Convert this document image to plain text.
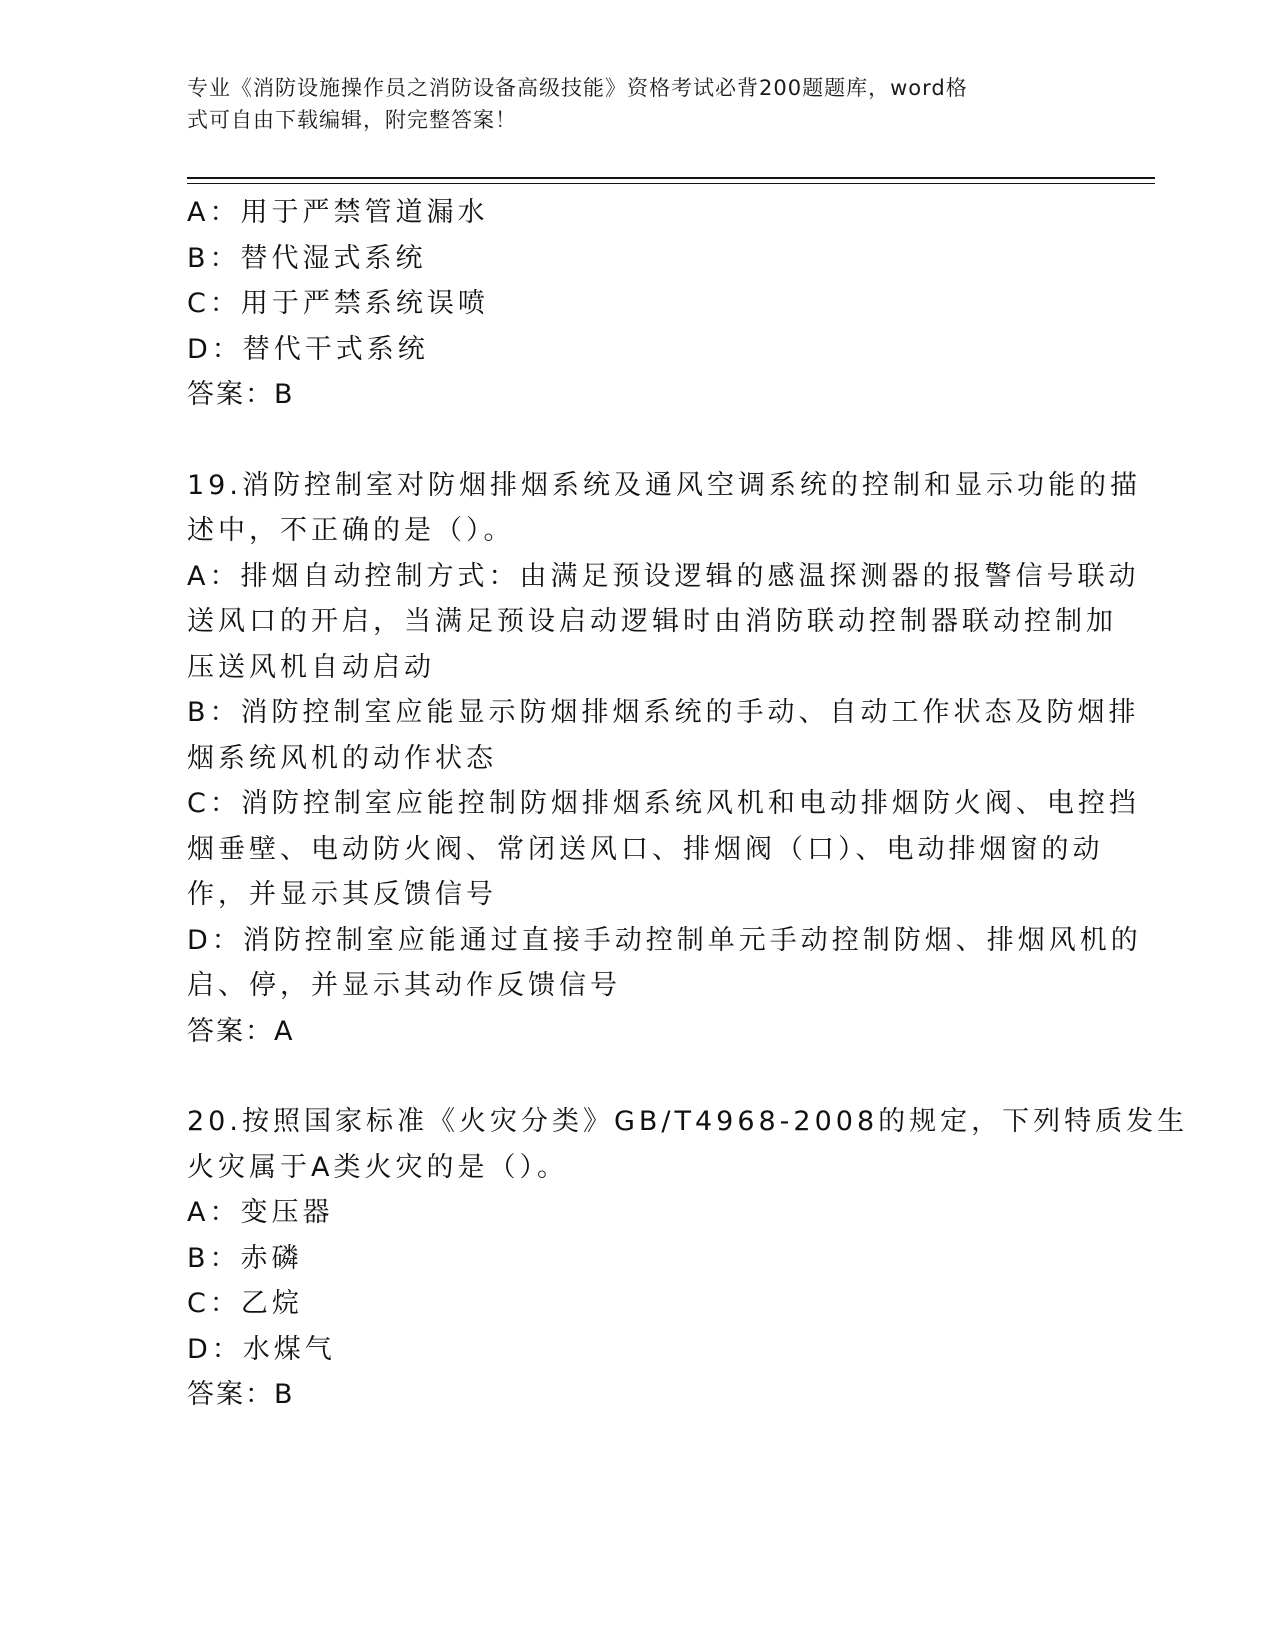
专业《消防设施操作员之消防设备高级技能》资格考试必背200题题库，word格
式可自由下载编辑，附完整答案！

A：用于严禁管道漏水

B：替代湿式系统

C：用于严禁系统误喷

D：替代干式系统

答案：B

19.消防控制室对防烟排烟系统及通风空调系统的控制和显示功能的描

述中，不正确的是（）。

A：排烟自动控制方式：由满足预设逻辑的感温探测器的报警信号联动

送风口的开启，当满足预设启动逻辑时由消防联动控制器联动控制加

压送风机自动启动

B：消防控制室应能显示防烟排烟系统的手动、自动工作状态及防烟排

烟系统风机的动作状态

C：消防控制室应能控制防烟排烟系统风机和电动排烟防火阀、电控挡

烟垂壁、电动防火阀、常闭送风口、排烟阀（口）、电动排烟窗的动

作，并显示其反馈信号

D：消防控制室应能通过直接手动控制单元手动控制防烟、排烟风机的

启、停，并显示其动作反馈信号

答案：A

20.按照国家标准《火灾分类》GB/T4968-2008的规定，下列特质发生

火灾属于A类火灾的是（）。

A：变压器

B：赤磷

C：乙烷

D：水煤气

答案：B
